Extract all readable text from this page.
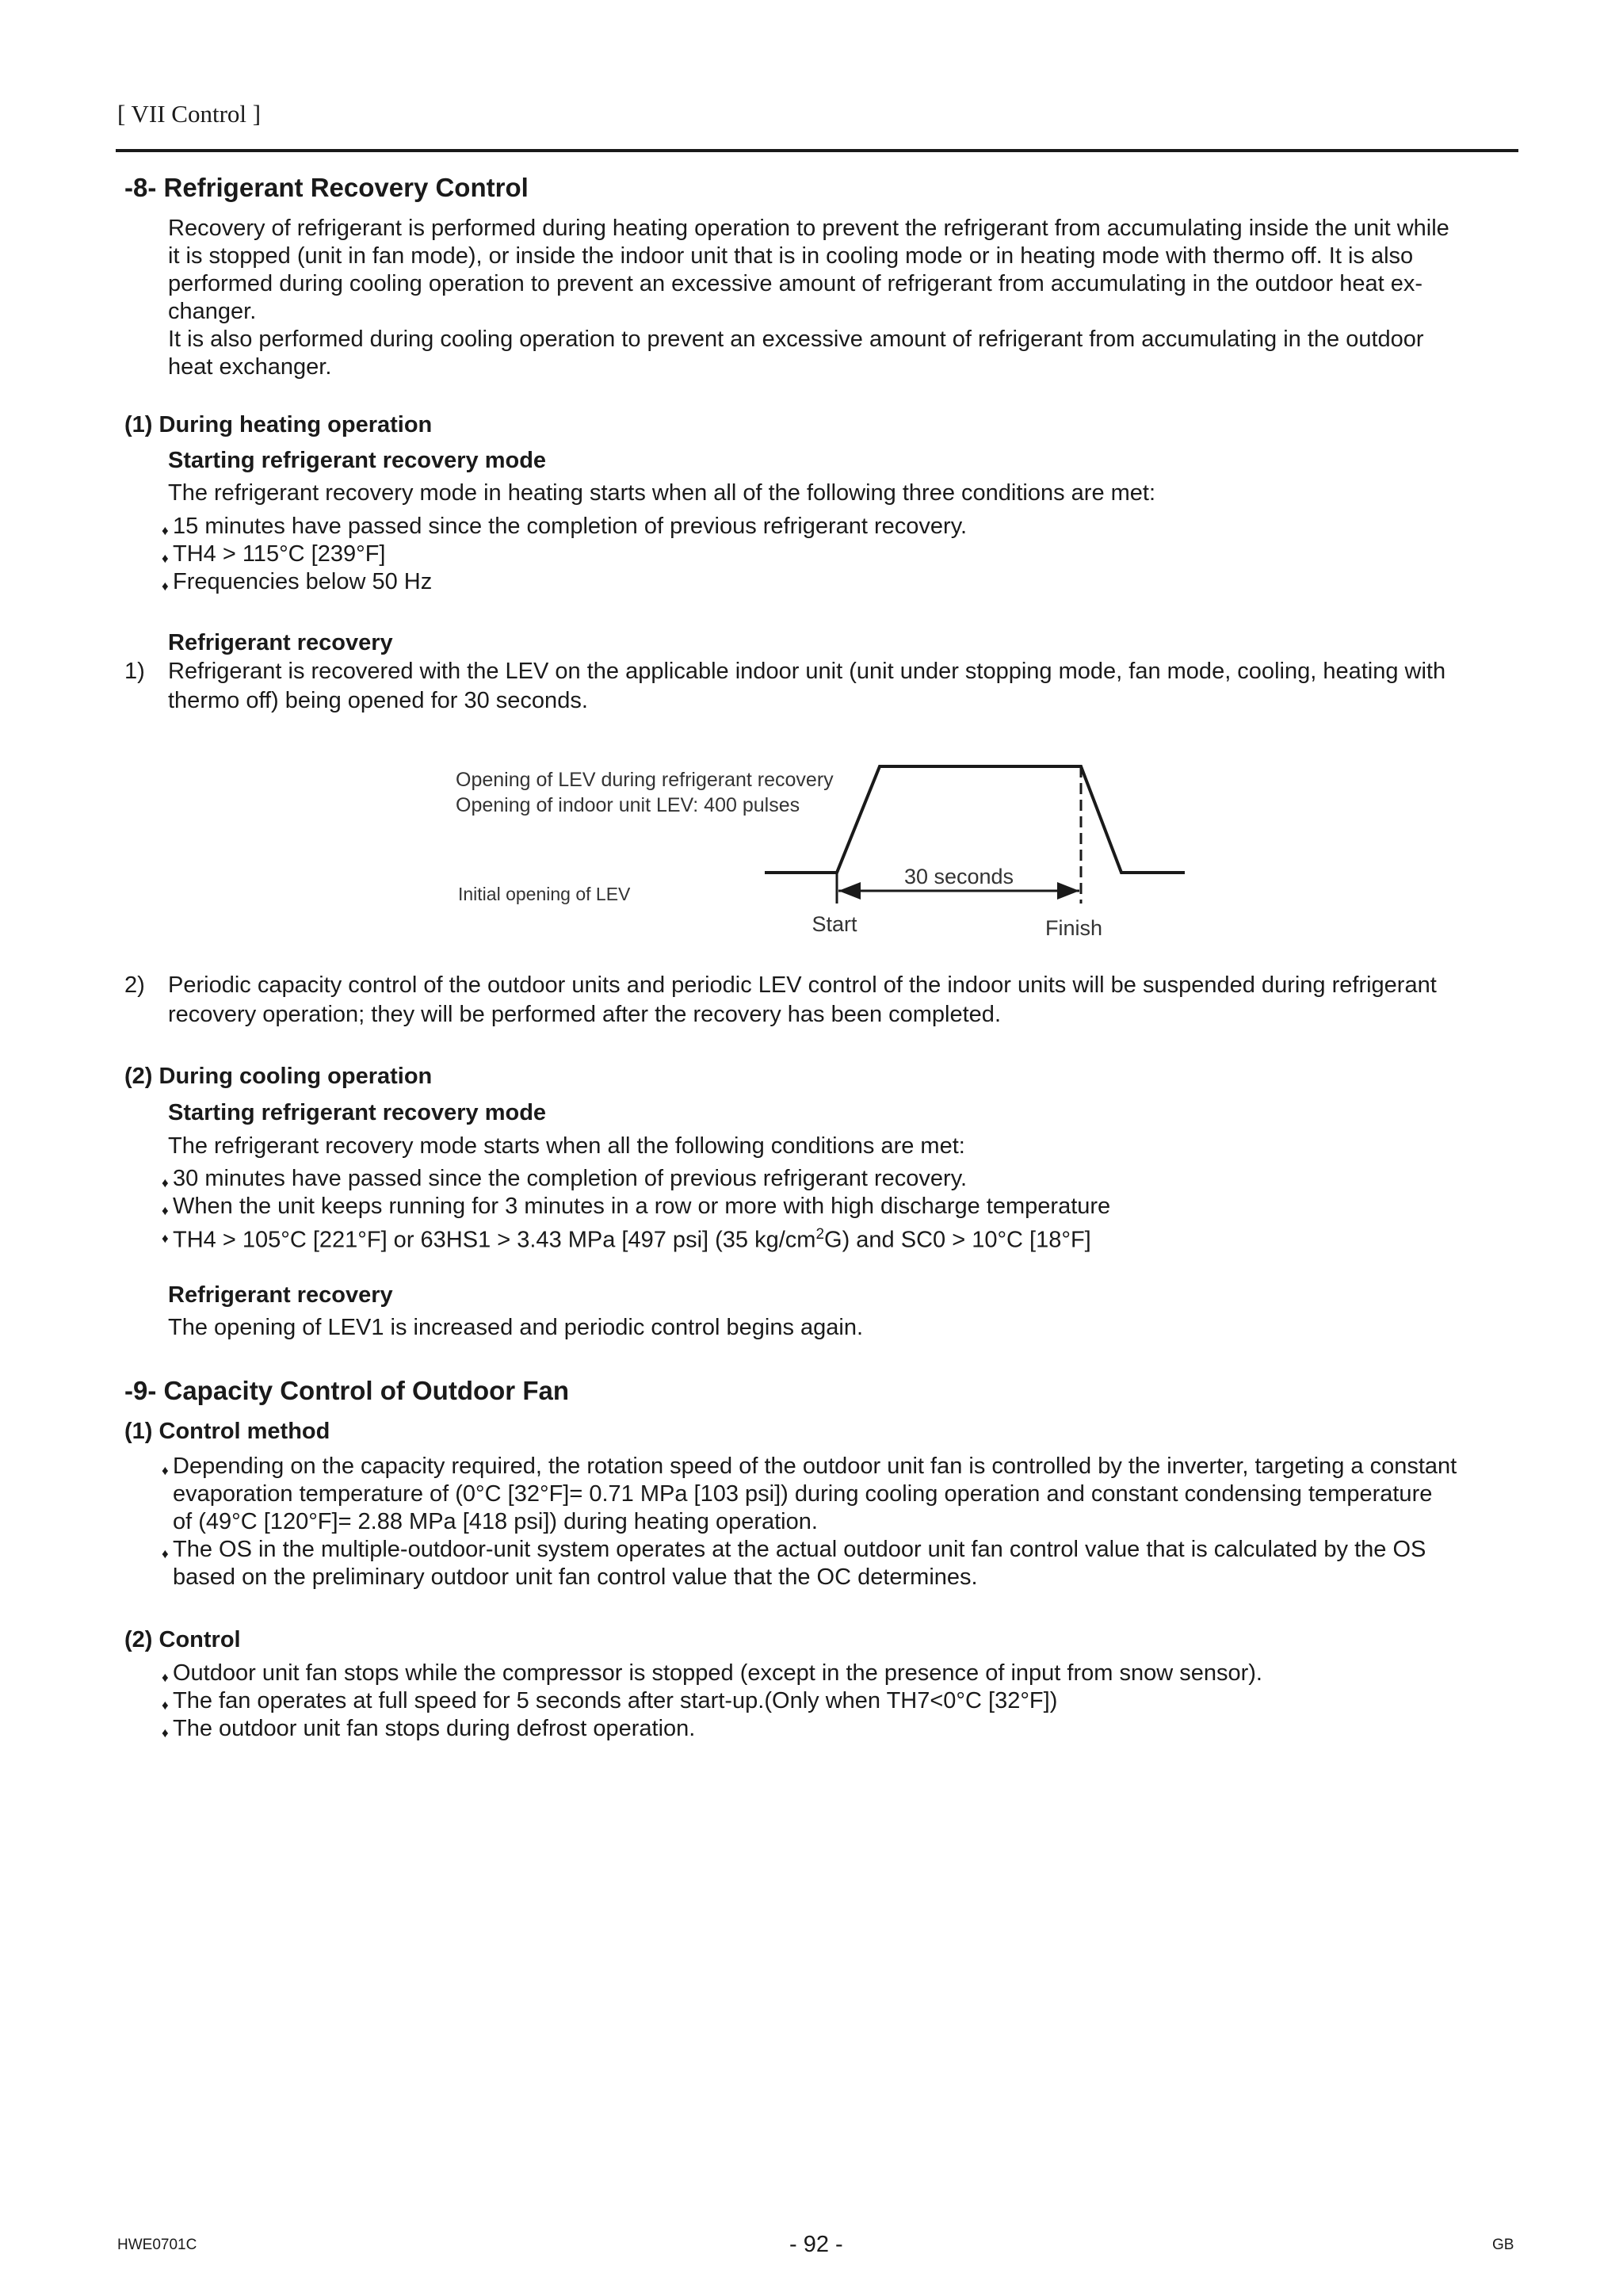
[ VII Control ]
-8- Refrigerant Recovery Control

Recovery of refrigerant is performed during heating operation to prevent the refrigerant from accumulating inside the unit while

it is stopped (unit in fan mode), or inside the indoor unit that is in cooling mode or in heating mode with thermo off. It is also

performed during cooling operation to prevent an excessive amount of refrigerant from accumulating in the outdoor heat ex-

changer.

It is also performed during cooling operation to prevent an excessive amount of refrigerant from accumulating in the outdoor

heat exchanger.

(1) During heating operation
Starting refrigerant recovery mode
The refrigerant recovery mode in heating starts when all of the following three conditions are met:
♦ 15 minutes have passed since the completion of previous refrigerant recovery.
♦ TH4 > 115°C [239°F]
♦ Frequencies below 50 Hz
Refrigerant recovery
1) Refrigerant is recovered with the LEV on the applicable indoor unit (unit under stopping mode, fan mode, cooling, heating with

thermo off) being opened for 30 seconds.

Opening of LEV during refrigerant recovery
Opening of indoor unit LEV: 400 pulses
Initial opening of LEV
30 seconds
Start	Finish
2) Periodic capacity control of the outdoor units and periodic LEV control of the indoor units will be suspended during refrigerant

recovery operation; they will be performed after the recovery has been completed.

(2) During cooling operation
Starting refrigerant recovery mode
The refrigerant recovery mode starts when all the following conditions are met:
♦ 30 minutes have passed since the completion of previous refrigerant recovery.
♦ When the unit keeps running for 3 minutes in a row or more with high discharge temperature
♦ TH4 > 105°C [221°F] or 63HS1 > 3.43 MPa [497 psi] (35 $kg/cm^2G$) and SC0 > 10°C [18°F]
Refrigerant recovery
The opening of LEV1 is increased and periodic control begins again.
-9- Capacity Control of Outdoor Fan
(1) Control method
♦ Depending on the capacity required, the rotation speed of the outdoor unit fan is controlled by the inverter, targeting a constant
evaporation temperature of (0°C [32°F]= 0.71 MPa [103 psi]) during cooling operation and constant condensing temperature
of (49°C [120°F]= 2.88 MPa [418 psi]) during heating operation.
♦ The OS in the multiple-outdoor-unit system operates at the actual outdoor unit fan control value that is calculated by the OS
based on the preliminary outdoor unit fan control value that the OC determines.
(2) Control
♦ Outdoor unit fan stops while the compressor is stopped (except in the presence of input from snow sensor).
♦ The fan operates at full speed for 5 seconds after start-up.(Only when TH7<0°C [32°F])
♦ The outdoor unit fan stops during defrost operation.
HWE0701C	- 92 -	GB
